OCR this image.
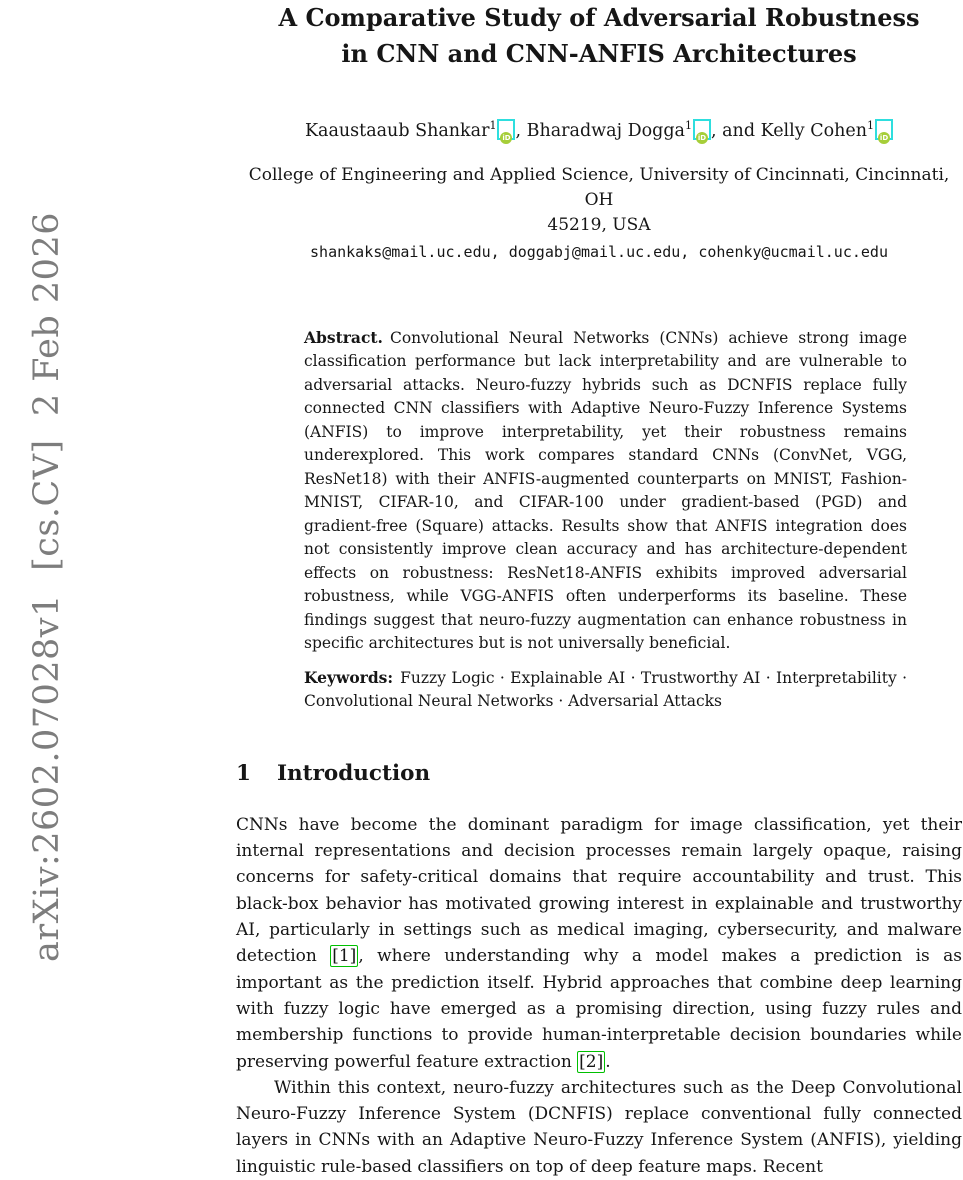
arXiv:2602.07028v1  [cs.CV]  2 Feb 2026
A Comparative Study of Adversarial Robustness
in CNN and CNN-ANFIS Architectures
Kaaustaaub Shankar$^1$iD , Bharadwaj Dogga$^1$iD , and Kelly Cohen$^1$iD
College of Engineering and Applied Science, University of Cincinnati, Cincinnati, OH
45219, USA
shankaks@mail.uc.edu, doggabj@mail.uc.edu, cohenky@ucmail.uc.edu

Abstract. Convolutional Neural Networks (CNNs) achieve strong image classification performance but lack interpretability and are vulnerable to adversarial attacks. Neuro-fuzzy hybrids such as DCNFIS replace fully connected CNN classifiers with Adaptive Neuro-Fuzzy Inference Systems (ANFIS) to improve interpretability, yet their robustness remains underexplored. This work compares standard CNNs (ConvNet, VGG, ResNet18) with their ANFIS-augmented counterparts on MNIST, Fashion-MNIST, CIFAR-10, and CIFAR-100 under gradient-based (PGD) and gradient-free (Square) attacks. Results show that ANFIS integration does not consistently improve clean accuracy and has architecture-dependent effects on robustness: ResNet18-ANFIS exhibits improved adversarial robustness, while VGG-ANFIS often underperforms its baseline. These findings suggest that neuro-fuzzy augmentation can enhance robustness in specific architectures but is not universally beneficial.

Keywords: Fuzzy Logic · Explainable AI · Trustworthy AI · Interpretability · Convolutional Neural Networks · Adversarial Attacks

1 Introduction

CNNs have become the dominant paradigm for image classification, yet their internal representations and decision processes remain largely opaque, raising concerns for safety-critical domains that require accountability and trust. This black-box behavior has motivated growing interest in explainable and trustworthy AI, particularly in settings such as medical imaging, cybersecurity, and malware detection [1] , where understanding why a model makes a prediction is as important as the prediction itself. Hybrid approaches that combine deep learning with fuzzy logic have emerged as a promising direction, using fuzzy rules and membership functions to provide human-interpretable decision boundaries while preserving powerful feature extraction [2] .

Within this context, neuro-fuzzy architectures such as the Deep Convolutional Neuro-Fuzzy Inference System (DCNFIS) replace conventional fully connected layers in CNNs with an Adaptive Neuro-Fuzzy Inference System (ANFIS), yielding linguistic rule-based classifiers on top of deep feature maps. Recent
